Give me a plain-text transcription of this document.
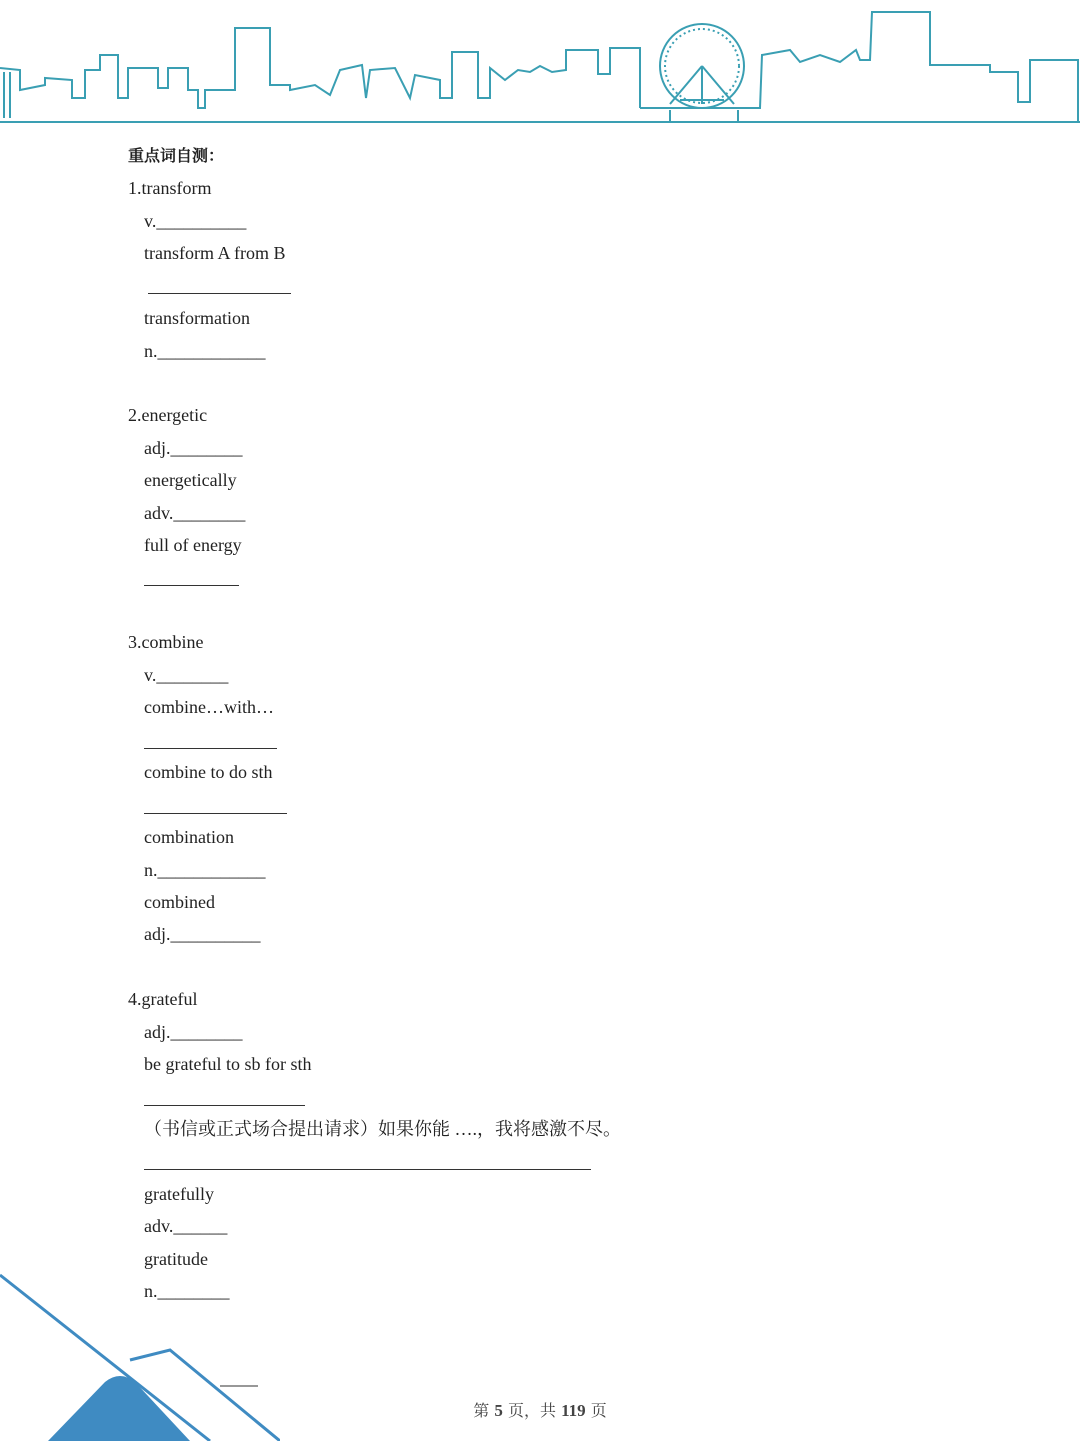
重点词自测：
1.transform
v.__________
transform A from B
transformation
n.____________
2.energetic
adj.________
energetically
adv.________
full of energy
3.combine
v.________
combine…with…
combine to do sth
combination
n.____________
combined
adj.__________
4.grateful
adj.________
be grateful to sb for sth
（书信或正式场合提出请求）如果你能 ….，我将感激不尽。
gratefully
adv.______
gratitude
n.________
第 5 页，共 119 页
